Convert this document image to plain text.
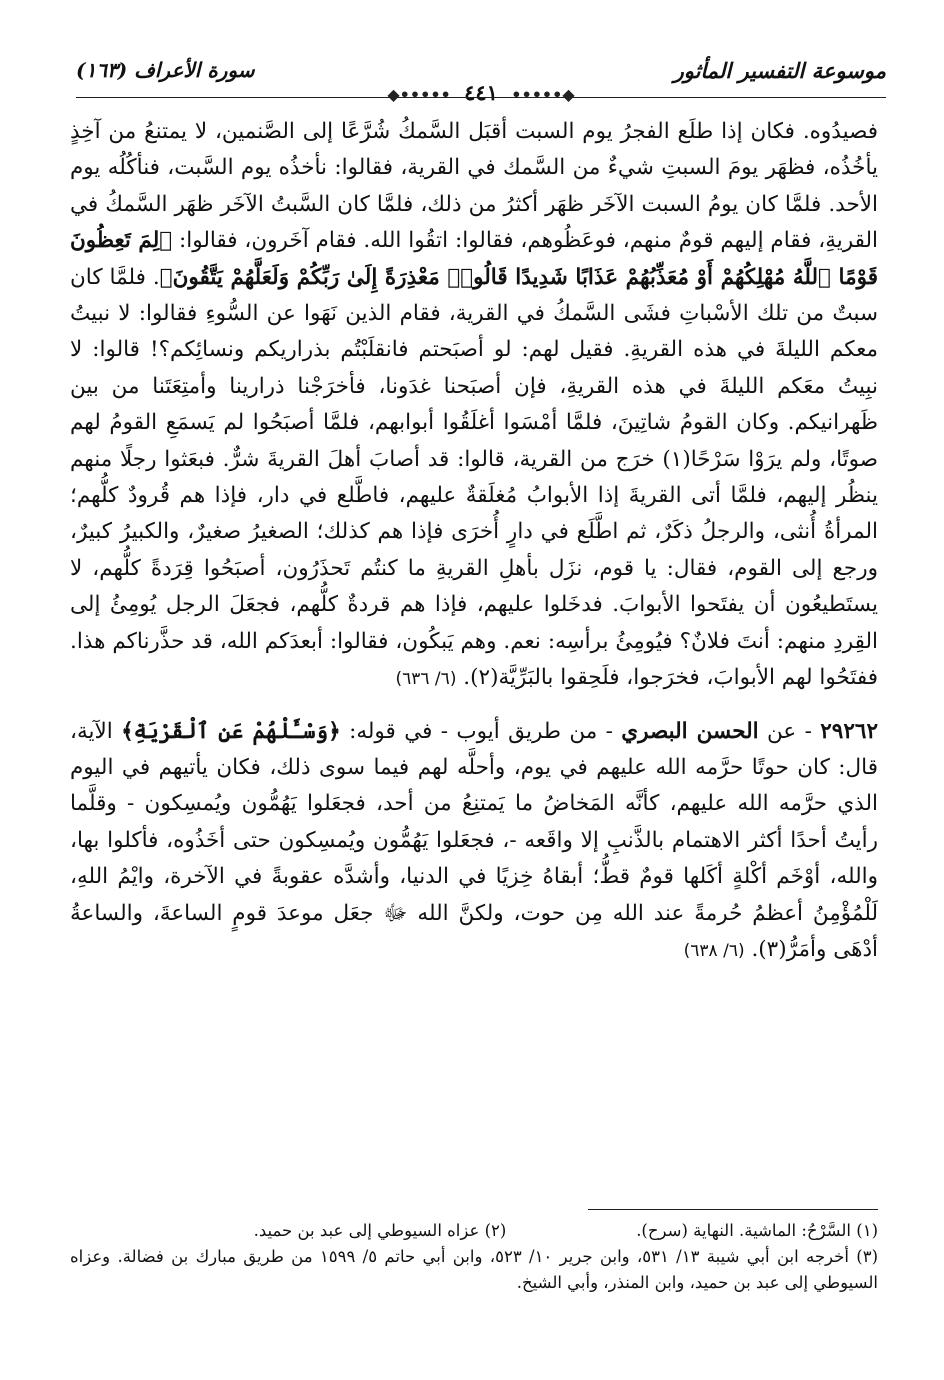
موسوعة التفسير المأثور
◆••••• ٤٤١ •••••◆
سورة الأعراف (١٦٣)

فصيدُوه. فكان إذا طلَع الفجرُ يوم السبت أقبَل السَّمكُ شُرَّعًا إلى الصَّنمين، لا يمتنعُ من آخِذٍ يأخُذُه، فظهَر يومَ السبتِ شيءٌ من السَّمك في القرية، فقالوا: نأخذُه يوم السَّبت، فنأكُلُه يوم الأحد. فلمَّا كان يومُ السبت الآخَر ظهَر أكثرُ من ذلك، فلمَّا كان السَّبتُ الآخَر ظهَر السَّمكُ في القريةِ، فقام إليهم قومٌ منهم، فوعَظُوهم، فقالوا: اتقُوا الله. فقام آخَرون، فقالوا: ﴿لِمَ تَعِظُونَ قَوْمًا ٱللَّهُ مُهْلِكُهُمْ أَوْ مُعَذِّبُهُمْ عَذَابًا شَدِيدًا قَالُوا۟ مَعْذِرَةً إِلَىٰ رَبِّكُمْ وَلَعَلَّهُمْ يَتَّقُونَ﴾. فلمَّا كان سبتٌ من تلك الأسْباتِ فشَى السَّمكُ في القرية، فقام الذين نَهَوا عن السُّوءِ فقالوا: لا نبيتُ معكم الليلةَ في هذه القريةِ. فقيل لهم: لو أصبَحتم فانقلَبْتُم بذراريكم ونسائِكم؟! قالوا: لا نبِيتُ معَكم الليلةَ في هذه القريةِ، فإن أصبَحنا غدَونا، فأخرَجْنا ذرارينا وأمتِعَتَنا من بين ظَهرانيكم. وكان القومُ شاتِينَ، فلمَّا أمْسَوا أغلَقُوا أبوابهم، فلمَّا أصبَحُوا لم يَسمَعِ القومُ لهم صوتًا، ولم يرَوْا سَرْحًا(١) خرَج من القرية، قالوا: قد أصابَ أهلَ القريةَ شرٌّ. فبعَثوا رجلًا منهم ينظُر إليهم، فلمَّا أتى القريةَ إذا الأبوابُ مُغلَقةٌ عليهم، فاطَّلع في دار، فإذا هم قُرودٌ كلُّهم؛ المرأةُ أُنثى، والرجلُ ذكَرٌ، ثم اطَّلَع في دارٍ أُخرَى فإذا هم كذلك؛ الصغيرُ صغيرٌ، والكبيرُ كبيرٌ، ورجع إلى القوم، فقال: يا قوم، نزَل بأهلِ القريةِ ما كنتُم تَحذَرُون، أصبَحُوا قِرَدةً كلُّهم، لا يستَطيعُون أن يفتَحوا الأبوابَ. فدخَلوا عليهم، فإذا هم قردةٌ كلُّهم، فجعَلَ الرجل يُومِئُ إلى القِردِ منهم: أنتَ فلانٌ؟ فيُومِئُ برأسِه: نعم. وهم يَبكُون، فقالوا: أبعدَكم الله، قد حذَّرناكم هذا. ففتَحُوا لهم الأبوابَ، فخرَجوا، فلَحِقوا بالبَرِّيَّة(٢). (٦/ ٦٣٦)

٢٩٢٦٢ - عن الحسن البصري - من طريق أيوب - في قوله: ﴿وَسْـَٔلْهُمْ عَنِ ٱلْقَرْيَةِ﴾ الآية، قال: كان حوتًا حرَّمه الله عليهم في يوم، وأحلَّه لهم فيما سوى ذلك، فكان يأتيهم في اليوم الذي حرَّمه الله عليهم، كأنَّه المَخاضُ ما يَمتنِعُ من أحد، فجعَلوا يَهُمُّون ويُمسِكون - وقلَّما رأيتُ أحدًا أكثر الاهتمام بالذَّنبِ إلا واقَعه -، فجعَلوا يَهُمُّون ويُمسِكون حتى أخَذُوه، فأكلوا بها، والله، أوْخَم أكْلةٍ أكَلها قومٌ قطُّ؛ أبقاهُ خِزيًا في الدنيا، وأشدَّه عقوبةً في الآخرة، وايْمُ اللهِ، لَلْمُؤْمِنُ أعظمُ حُرمةً عند الله مِن حوت، ولكنَّ الله ﷻ جعَل موعدَ قومٍ الساعةَ، والساعةُ أدْهَى وأمَرُّ(٣). (٦/ ٦٣٨)

(١) السَّرْحُ: الماشية. النهاية (سرح).
(٢) عزاه السيوطي إلى عبد بن حميد.

(٣) أخرجه ابن أبي شيبة ١٣/ ٥٣١، وابن جرير ١٠/ ٥٢٣، وابن أبي حاتم ٥/ ١٥٩٩ من طريق مبارك بن فضالة. وعزاه السيوطي إلى عبد بن حميد، وابن المنذر، وأبي الشيخ.
